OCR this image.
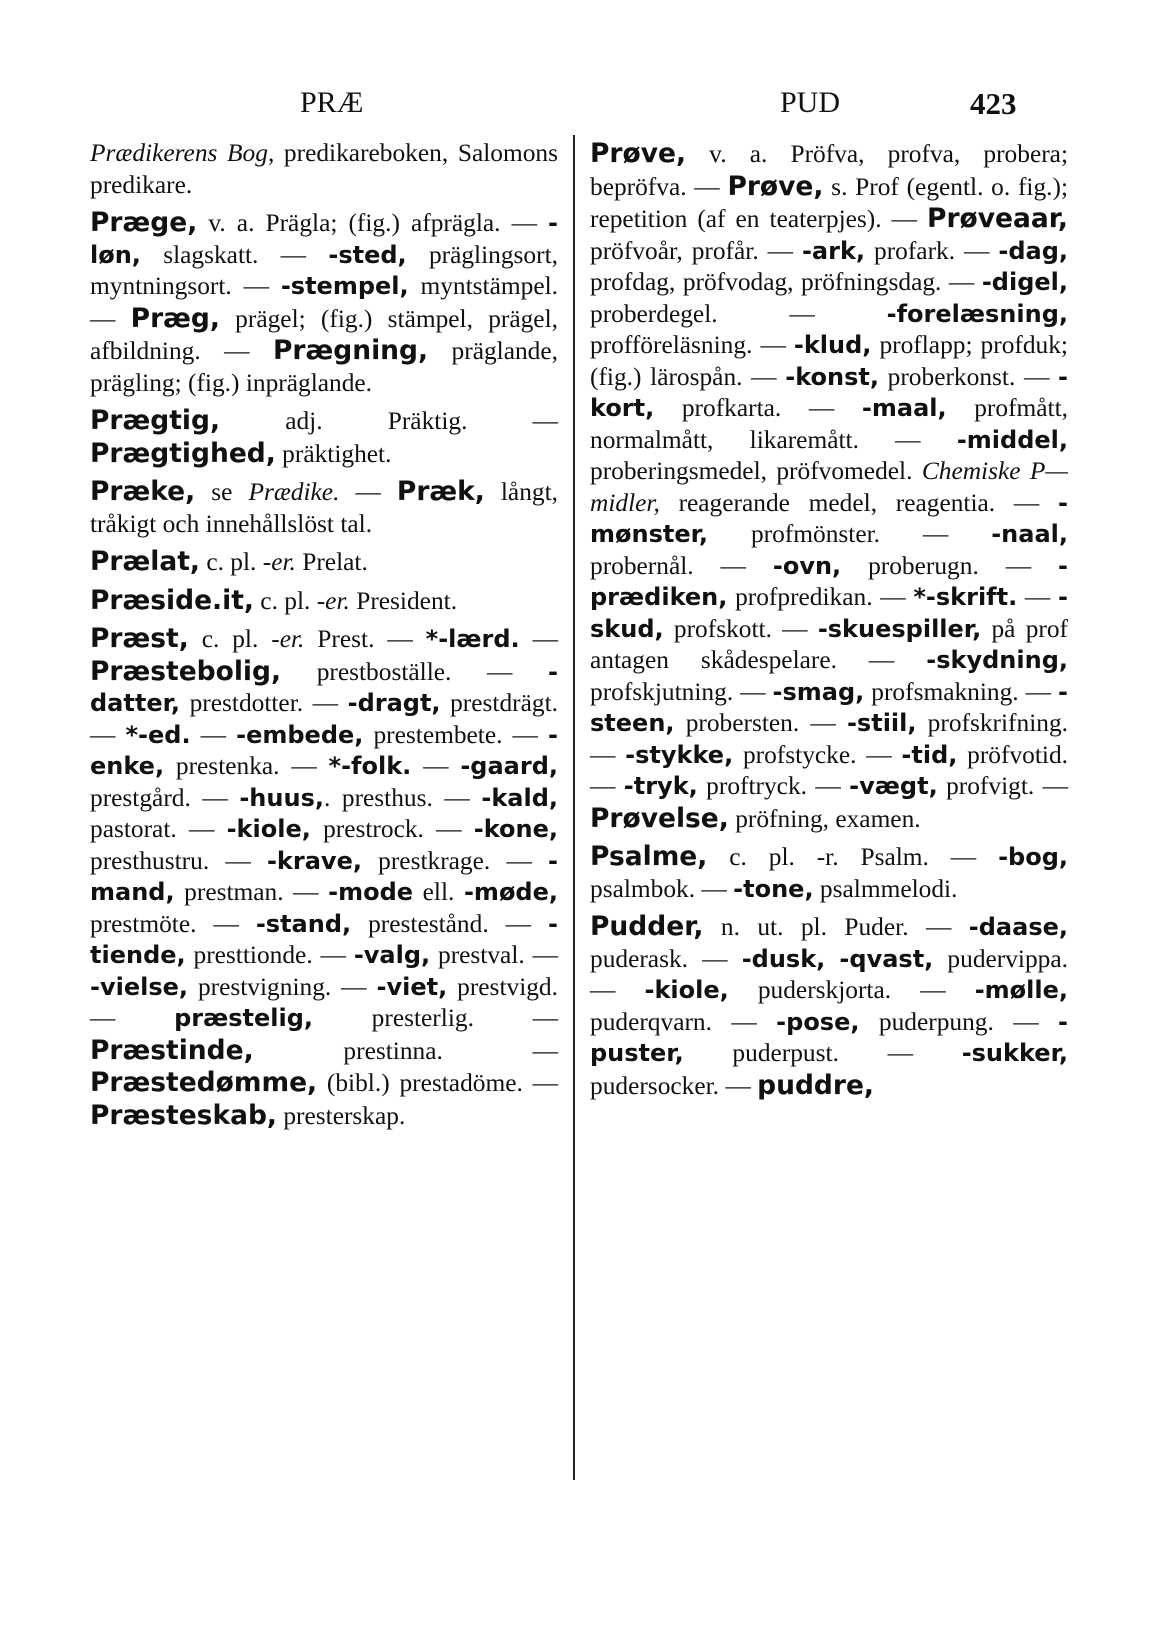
PRÆ	PUD	423

Prædikerens Bog, predikareboken, Salomons predikare.

Præge, v. a. Prägla; (fig.) afprägla. — -løn, slagskatt. — -sted, präglingsort, myntningsort. — -stempel, myntstämpel. — Præg, prägel; (fig.) stämpel, prägel, afbildning. — Prægning, präglande, prägling; (fig.) inpräglande.

Prægtig, adj. Präktig. — Prægtighed, präktighet.

Præke, se Prædike. — Præk, långt, tråkigt och innehållslöst tal.

Prælat, c. pl. -er. Prelat.

Præside.it, c. pl. -er. President.

Præst, c. pl. -er. Prest. — *-lærd. — Præstebolig, prestboställe. — -datter, prestdotter. — -dragt, prestdrägt. — *-ed. — -embede, prestembete. — -enke, prestenka. — *-folk. — -gaard, prestgård. — -huus,. presthus. — -kald, pastorat. — -kiole, prestrock. — -kone, presthustru. — -krave, prestkrage. — -mand, prestman. — -mode ell. -møde, prestmöte. — -stand, prestestånd. — -tiende, presttionde. — -valg, prestval. — -vielse, prestvigning. — -viet, prestvigd. — præstelig, presterlig. — Præstinde, prestinna. — Præstedømme, (bibl.) prestadöme. — Præsteskab, presterskap.

Prøve, v. a. Pröfva, profva, probera; bepröfva. — Prøve, s. Prof (egentl. o. fig.); repetition (af en teaterpjes). — Prøveaar, pröfvoår, profår. — -ark, profark. — -dag, profdag, pröfvodag, pröfningsdag. — -digel, proberdegel. — -forelæsning, profföreläsning. — -klud, proflapp; profduk; (fig.) lärospån. — -konst, proberkonst. — -kort, profkarta. — -maal, profmått, normalmått, likaremått. — -middel, proberingsmedel, pröfvomedel. Chemiske P—midler, reagerande medel, reagentia. — -mønster, profmönster. — -naal, probernål. — -ovn, proberugn. — -prædiken, profpredikan. — *-skrift. — -skud, profskott. — -skuespiller, på prof antagen skådespelare. — -skydning, profskjutning. — -smag, profsmakning. — -steen, probersten. — -stiil, profskrifning. — -stykke, profstycke. — -tid, pröfvotid. — -tryk, proftryck. — -vægt, profvigt. — Prøvelse, pröfning, examen.

Psalme, c. pl. -r. Psalm. — -bog, psalmbok. — -tone, psalmmelodi.

Pudder, n. ut. pl. Puder. — -daase, puderask. — -dusk, -qvast, pudervippa. — -kiole, puderskjorta. — -mølle, puderqvarn. — -pose, puderpung. — -puster, puderpust. — -sukker, pudersocker. — puddre,
